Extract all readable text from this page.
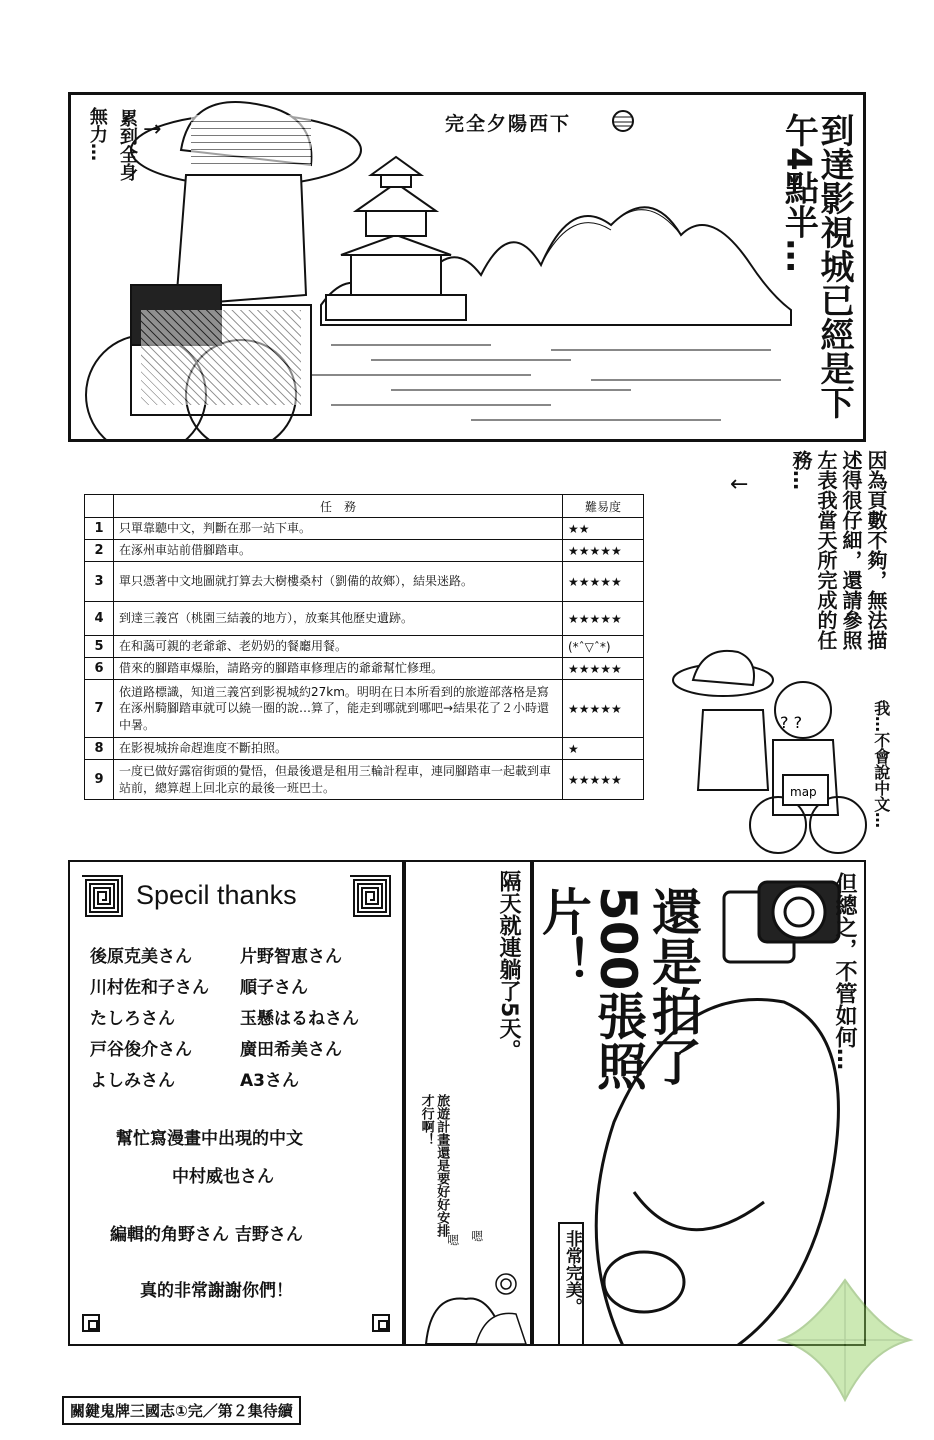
無力… 累到全身 →	完全夕陽西下	到達影視城已經是下午4點半…
因為頁數不夠，無法描述得很仔細，還請參照左表我當天所完成的任務…
←
	任　務	難易度
1	只單靠聽中文，判斷在那一站下車。	★★
2	在涿州車站前借腳踏車。	★★★★★
3	單只憑著中文地圖就打算去大樹樓桑村（劉備的故鄉），結果迷路。	★★★★★
4	到達三義宮（桃園三結義的地方），放棄其他歷史遺跡。	★★★★★
5	在和藹可親的老爺爺、老奶奶的餐廳用餐。	(*ˆ▽ˆ*)
6	借來的腳踏車爆胎，請路旁的腳踏車修理店的爺爺幫忙修理。	★★★★★
7	依道路標識，知道三義宮到影視城約27km。明明在日本所看到的旅遊部落格是寫在涿州騎腳踏車就可以繞一圈的說…算了，能走到哪就到哪吧→結果花了２小時還中暑。	★★★★★
8	在影視城拚命趕進度不斷拍照。	★
9	一度已做好露宿街頭的覺悟，但最後還是租用三輪計程車，連同腳踏車一起載到車站前，總算趕上回北京的最後一班巴士。	★★★★★
? ?
map	我…不會說中文…
Specil thanks
後原克美さん
川村佐和子さん
たしろさん
戸谷俊介さん
よしみさん
片野智恵さん
順子さん
玉懸はるねさん
廣田希美さん
A3さん
幫忙寫漫畫中出現的中文
中村威也さん
編輯的角野さん 吉野さん
真的非常謝謝你們！
隔天就連躺了5天。
旅遊計畫還是要好好安排才行啊！
嗯 嗯
還是拍了500張照片！	但總之，不管如何…
非常完美。
關鍵鬼牌三國志①完／第２集待續
